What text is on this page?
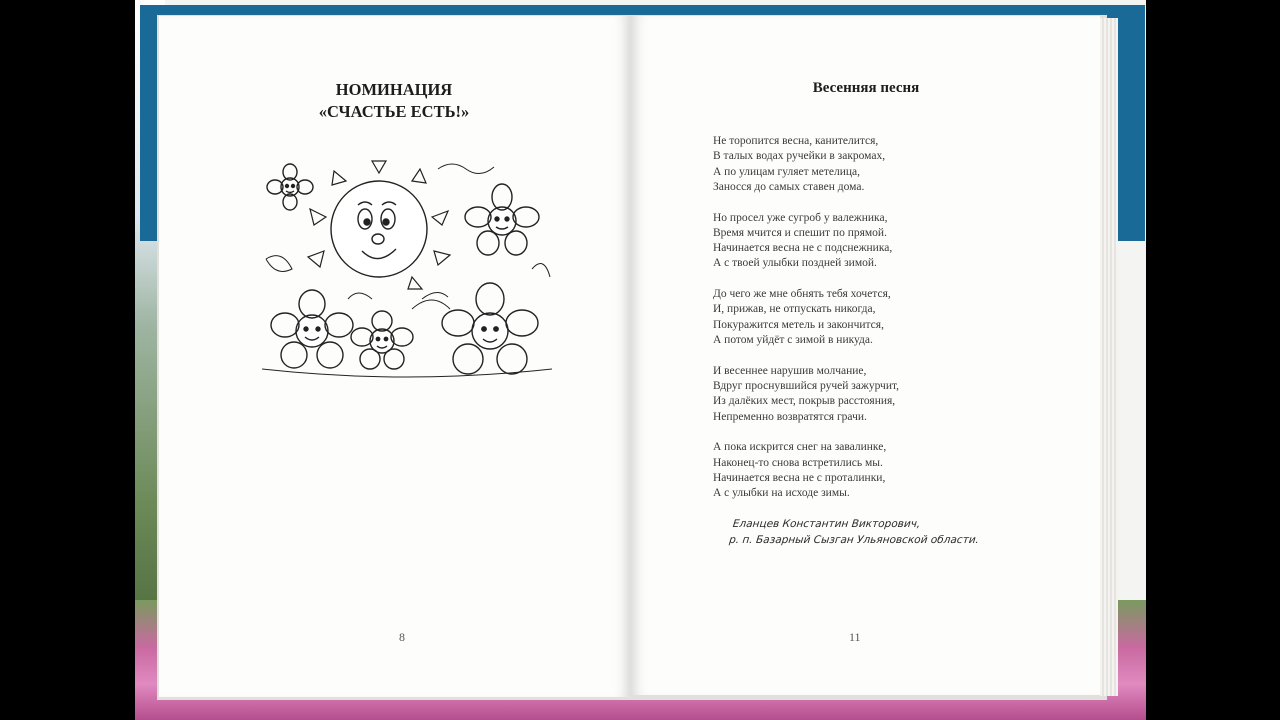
НОМИНАЦИЯ
«СЧАСТЬЕ ЕСТЬ!»
8
Весенняя песня
Не торопится весна, канителится,
В талых водах ручейки в закромах,
А по улицам гуляет метелица,
Заносся до самых ставен дома.
Но просел уже сугроб у валежника,
Время мчится и спешит по прямой.
Начинается весна не с подснежника,
А с твоей улыбки поздней зимой.
До чего же мне обнять тебя хочется,
И, прижав, не отпускать никогда,
Покуражится метель и закончится,
А потом уйдёт с зимой в никуда.
И весеннее нарушив молчание,
Вдруг проснувшийся ручей зажурчит,
Из далёких мест, покрыв расстояния,
Непременно возвратятся грачи.
А пока искрится снег на завалинке,
Наконец-то снова встретились мы.
Начинается весна не с проталинки,
А с улыбки на исходе зимы.
Еланцев Константин Викторович,
р. п. Базарный Сызган Ульяновской области.
11
